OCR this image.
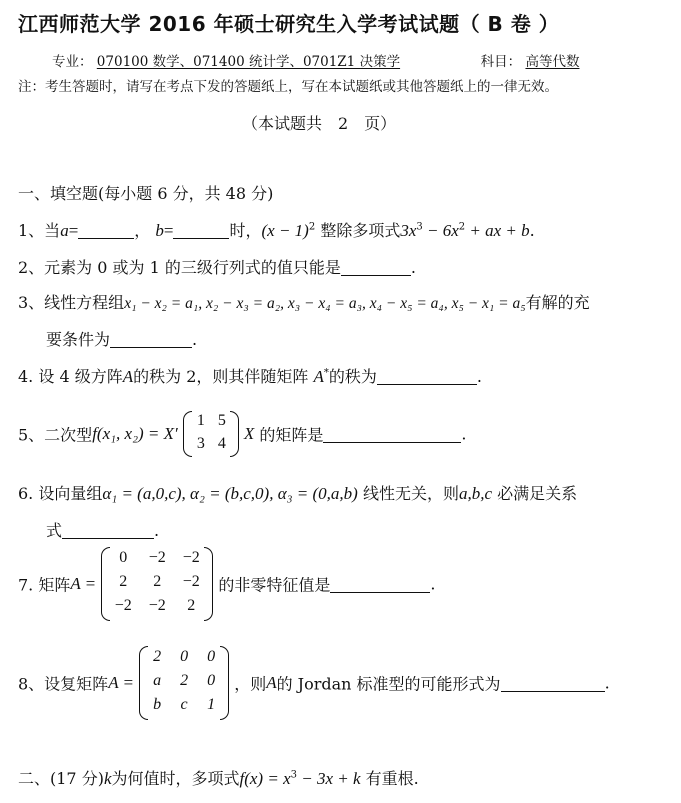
江西师范大学 2016 年硕士研究生入学考试试题（ B 卷 ）
专业： 070100 数学、071400 统计学、0701Z1 决策学	科目： 高等代数
注：考生答题时，请写在考点下发的答题纸上，写在本试题纸或其他答题纸上的一律无效。
（本试题共　2　页）
一、填空题(每小题 6 分，共 48 分)
1、当a=	， b=	时，$(x - 1)^2$ 整除多项式$3x^3 - 6x^2$ + ax + b.
2、元素为 0 或为 1 的三级行列式的值只能是	.
3、线性方程组x₁ − x₂ = a₁, x₂ − x₃ = a₂, x₃ − x₄ = a₃, x₄ − x₅ = a₄, x₅ − x₁ = a₅有解的充
要条件为	.
4. 设 4 级方阵A的秩为 2，则其伴随矩阵 A*的秩为	.
5、二次型f(x₁, x₂) = X′
1 5
3 4
X 的矩阵是	.
6. 设向量组α₁ = (a,0,c), α₂ = (b,c,0), α₃ = (0,a,b) 线性无关，则a,b,c 必满足关系
式	.
7. 矩阵A =
0	−2 −2
2	2	−2
−2 −2	2
的非零特征值是	.
8、设复矩阵A =
2	0	0
a	2	0
b	c	1
，则A的 Jordan 标准型的可能形式为	.
二、(17 分)k为何值时，多项式$f(x) = x^3 - 3x + k$ 有重根.
